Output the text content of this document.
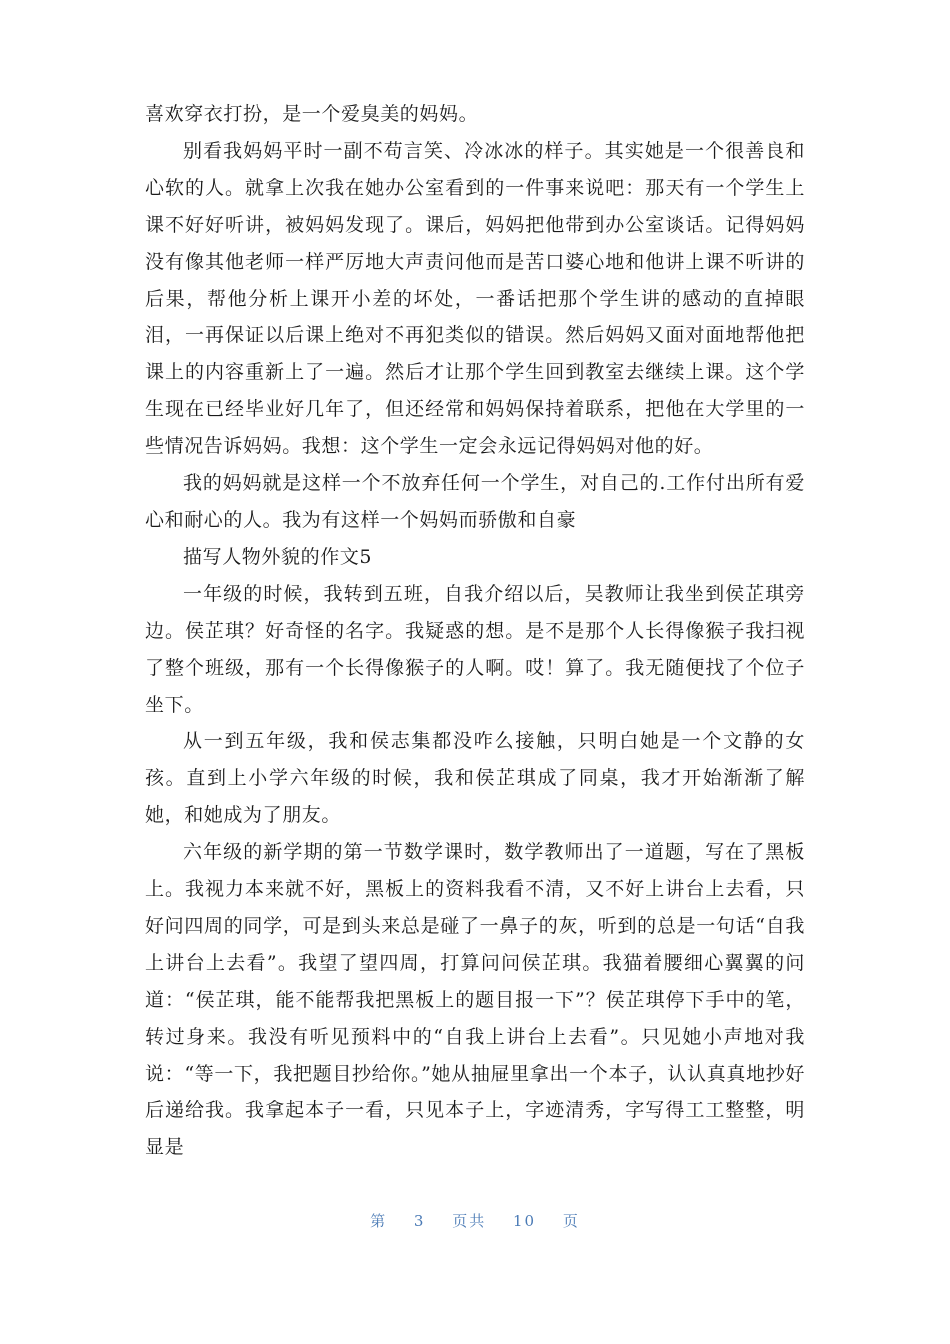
喜欢穿衣打扮，是一个爱臭美的妈妈。

别看我妈妈平时一副不苟言笑、冷冰冰的样子。其实她是一个很善良和心软的人。就拿上次我在她办公室看到的一件事来说吧：那天有一个学生上课不好好听讲，被妈妈发现了。课后，妈妈把他带到办公室谈话。记得妈妈没有像其他老师一样严厉地大声责问他而是苦口婆心地和他讲上课不听讲的后果，帮他分析上课开小差的坏处，一番话把那个学生讲的感动的直掉眼泪，一再保证以后课上绝对不再犯类似的错误。然后妈妈又面对面地帮他把课上的内容重新上了一遍。然后才让那个学生回到教室去继续上课。这个学生现在已经毕业好几年了，但还经常和妈妈保持着联系，把他在大学里的一些情况告诉妈妈。我想：这个学生一定会永远记得妈妈对他的好。

我的妈妈就是这样一个不放弃任何一个学生，对自己的.工作付出所有爱心和耐心的人。我为有这样一个妈妈而骄傲和自豪

描写人物外貌的作文5

一年级的时候，我转到五班，自我介绍以后，吴教师让我坐到侯芷琪旁边。侯芷琪？好奇怪的名字。我疑惑的想。是不是那个人长得像猴子我扫视了整个班级，那有一个长得像猴子的人啊。哎！算了。我无随便找了个位子坐下。

从一到五年级，我和侯志集都没咋么接触，只明白她是一个文静的女孩。直到上小学六年级的时候，我和侯芷琪成了同桌，我才开始渐渐了解她，和她成为了朋友。

六年级的新学期的第一节数学课时，数学教师出了一道题，写在了黑板上。我视力本来就不好，黑板上的资料我看不清，又不好上讲台上去看，只好问四周的同学，可是到头来总是碰了一鼻子的灰，听到的总是一句话“自我上讲台上去看”。我望了望四周，打算问问侯芷琪。我猫着腰细心翼翼的问道：“侯芷琪，能不能帮我把黑板上的题目报一下”？侯芷琪停下手中的笔，转过身来。我没有听见预料中的“自我上讲台上去看”。只见她小声地对我说：“等一下，我把题目抄给你。”她从抽屉里拿出一个本子，认认真真地抄好后递给我。我拿起本子一看，只见本子上，字迹清秀，字写得工工整整，明显是

第 3 页共 10 页
